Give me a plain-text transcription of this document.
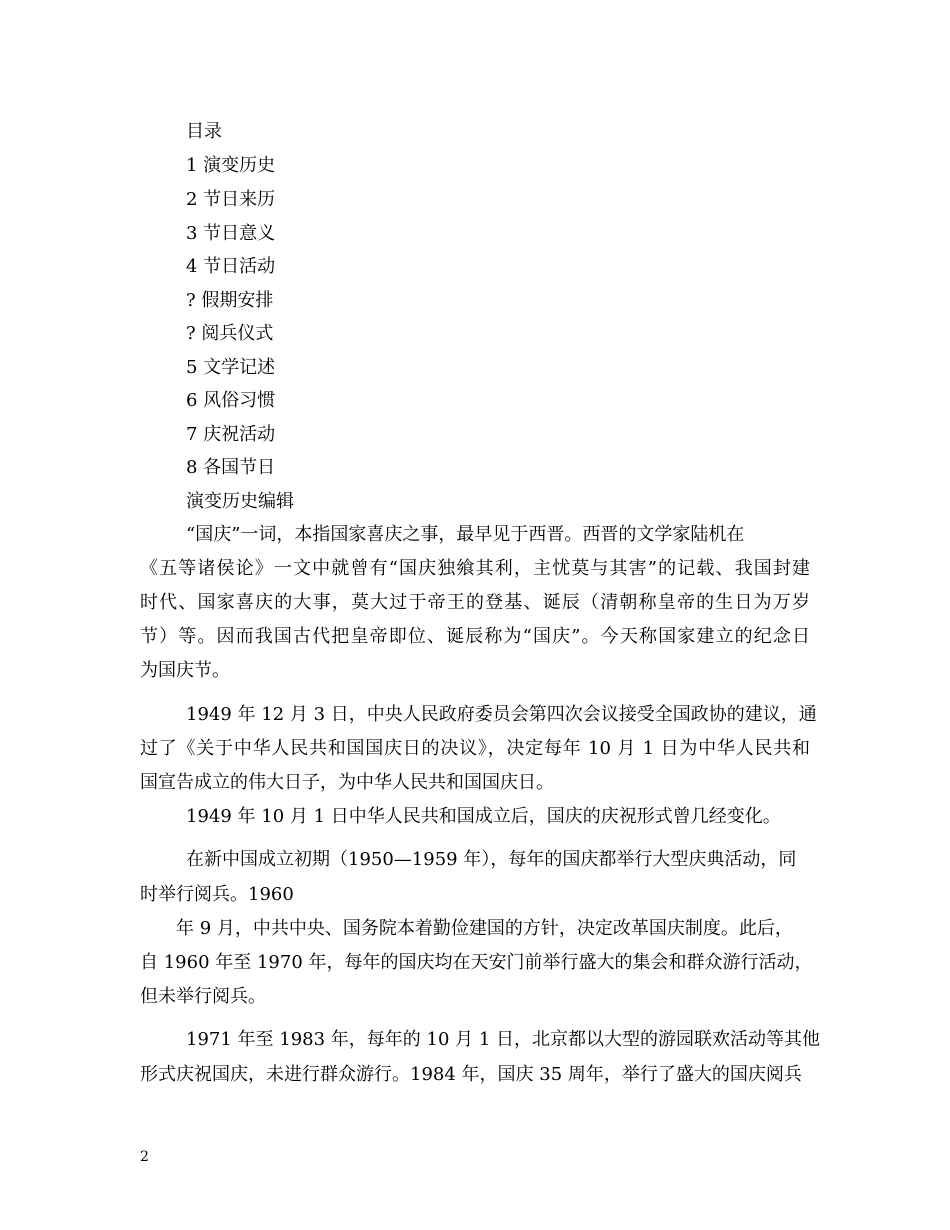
目录
1 演变历史
2 节日来历
3 节日意义
4 节日活动
? 假期安排
? 阅兵仪式
5 文学记述
6 风俗习惯
7 庆祝活动
8 各国节日
演变历史编辑
“国庆”一词，本指国家喜庆之事，最早见于西晋。西晋的文学家陆机在
《五等诸侯论》一文中就曾有“国庆独飨其利，主忧莫与其害”的记载、我国封建
时代、国家喜庆的大事，莫大过于帝王的登基、诞辰（清朝称皇帝的生日为万岁
节）等。因而我国古代把皇帝即位、诞辰称为“国庆”。今天称国家建立的纪念日
为国庆节。
1949 年 12 月 3 日，中央人民政府委员会第四次会议接受全国政协的建议，通
过了《关于中华人民共和国国庆日的决议》，决定每年 10 月 1 日为中华人民共和
国宣告成立的伟大日子，为中华人民共和国国庆日。
1949 年 10 月 1 日中华人民共和国成立后，国庆的庆祝形式曾几经变化。
在新中国成立初期（1950—1959 年），每年的国庆都举行大型庆典活动，同
时举行阅兵。1960
年 9 月，中共中央、国务院本着勤俭建国的方针，决定改革国庆制度。此后，
自 1960 年至 1970 年，每年的国庆均在天安门前举行盛大的集会和群众游行活动，
但未举行阅兵。
1971 年至 1983 年，每年的 10 月 1 日，北京都以大型的游园联欢活动等其他
形式庆祝国庆，未进行群众游行。1984 年，国庆 35 周年，举行了盛大的国庆阅兵
2
